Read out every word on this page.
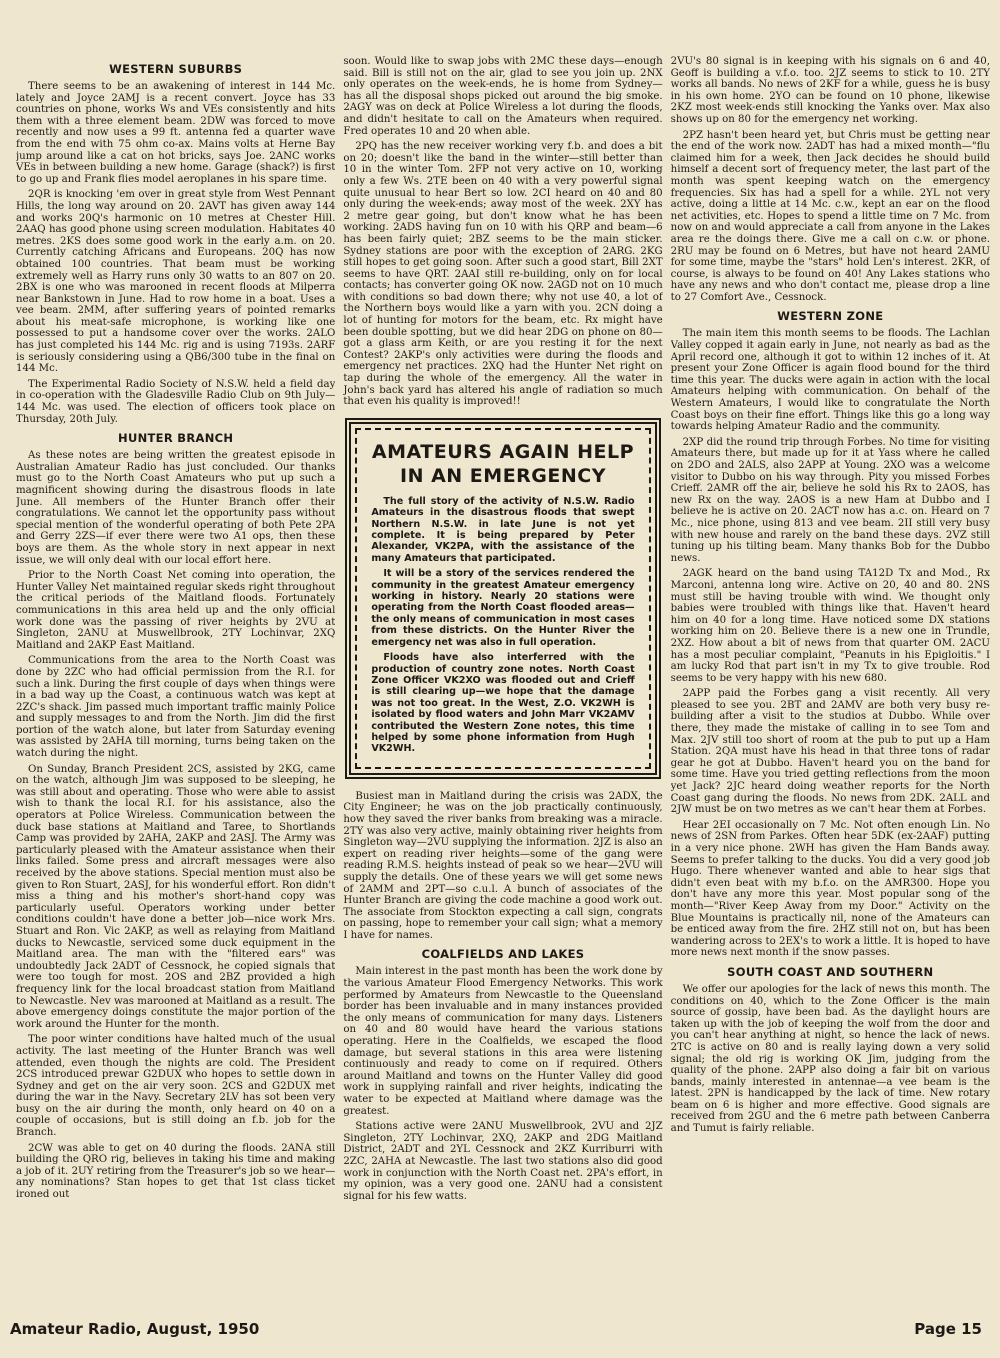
WESTERN SUBURBS

There seems to be an awakening of interest in 144 Mc. lately and Joyce 2AMJ is a recent convert. Joyce has 33 countries on phone, works Ws and VEs consistently and hits them with a three element beam. 2DW was forced to move recently and now uses a 99 ft. antenna fed a quarter wave from the end with 75 ohm co-ax. Mains volts at Herne Bay jump around like a cat on hot bricks, says Joe. 2ANC works VEs in between building a new home. Garage (shack?) is first to go up and Frank flies model aeroplanes in his spare time.

2QR is knocking 'em over in great style from West Pennant Hills, the long way around on 20. 2AVT has given away 144 and works 20Q's harmonic on 10 metres at Chester Hill. 2AAQ has good phone using screen modulation. Habitates 40 metres. 2KS does some good work in the early a.m. on 20. Currently catching Africans and Europeans. 20Q has now obtained 100 countries. That beam must be working extremely well as Harry runs only 30 watts to an 807 on 20. 2BX is one who was marooned in recent floods at Milperra near Bankstown in June. Had to row home in a boat. Uses a vee beam. 2MM, after suffering years of pointed remarks about his meat-safe microphone, is working like one possessed to put a handsome cover over the works. 2ALO has just completed his 144 Mc. rig and is using 7193s. 2ARF is seriously considering using a QB6/300 tube in the final on 144 Mc.

The Experimental Radio Society of N.S.W. held a field day in co-operation with the Gladesville Radio Club on 9th July—144 Mc. was used. The election of officers took place on Thursday, 20th July.

HUNTER BRANCH

As these notes are being written the greatest episode in Australian Amateur Radio has just concluded. Our thanks must go to the North Coast Amateurs who put up such a magnificent showing during the disastrous floods in late June. All members of the Hunter Branch offer their congratulations. We cannot let the opportunity pass without special mention of the wonderful operating of both Pete 2PA and Gerry 2ZS—if ever there were two A1 ops, then these boys are them. As the whole story in next appear in next issue, we will only deal with our local effort here.

Prior to the North Coast Net coming into operation, the Hunter Valley Net maintained regular skeds right throughout the critical periods of the Maitland floods. Fortunately communications in this area held up and the only official work done was the passing of river heights by 2VU at Singleton, 2ANU at Muswellbrook, 2TY Lochinvar, 2XQ Maitland and 2AKP East Maitland.

Communications from the area to the North Coast was done by 2ZC who had official permission from the R.I. for such a link. During the first couple of days when things were in a bad way up the Coast, a continuous watch was kept at 2ZC's shack. Jim passed much important traffic mainly Police and supply messages to and from the North. Jim did the first portion of the watch alone, but later from Saturday evening was assisted by 2AHA till morning, turns being taken on the watch during the night.

On Sunday, Branch President 2CS, assisted by 2KG, came on the watch, although Jim was supposed to be sleeping, he was still about and operating. Those who were able to assist wish to thank the local R.I. for his assistance, also the operators at Police Wireless. Communication between the duck base stations at Maitland and Taree, to Shortlands Camp was provided by 2AHA, 2AKP and 2ASJ. The Army was particularly pleased with the Amateur assistance when their links failed. Some press and aircraft messages were also received by the above stations. Special mention must also be given to Ron Stuart, 2ASJ, for his wonderful effort. Ron didn't miss a thing and his mother's short-hand copy was particularly useful. Operators working under better conditions couldn't have done a better job—nice work Mrs. Stuart and Ron. Vic 2AKP, as well as relaying from Maitland ducks to Newcastle, serviced some duck equipment in the Maitland area. The man with the "filtered ears" was undoubtedly Jack 2ADT of Cessnock, he copied signals that were too tough for most. 2OS and 2BZ provided a high frequency link for the local broadcast station from Maitland to Newcastle. Nev was marooned at Maitland as a result. The above emergency doings constitute the major portion of the work around the Hunter for the month.

The poor winter conditions have halted much of the usual activity. The last meeting of the Hunter Branch was well attended, even though the nights are cold. The President 2CS introduced prewar G2DUX who hopes to settle down in Sydney and get on the air very soon. 2CS and G2DUX met during the war in the Navy. Secretary 2LV has sot been very busy on the air during the month, only heard on 40 on a couple of occasions, but is still doing an f.b. job for the Branch.

2CW was able to get on 40 during the floods. 2ANA still building the QRO rig, believes in taking his time and making a job of it. 2UY retiring from the Treasurer's job so we hear—any nominations? Stan hopes to get that 1st class ticket ironed out

soon. Would like to swap jobs with 2MC these days—enough said. Bill is still not on the air, glad to see you join up. 2NX only operates on the week-ends, he is home from Sydney—has all the disposal shops picked out around the big smoke. 2AGY was on deck at Police Wireless a lot during the floods, and didn't hesitate to call on the Amateurs when required. Fred operates 10 and 20 when able.

2PQ has the new receiver working very f.b. and does a bit on 20; doesn't like the band in the winter—still better than 10 in the winter Tom. 2FP not very active on 10, working only a few Ws. 2TE been on 40 with a very powerful signal quite unusual to hear Bert so low. 2CI heard on 40 and 80 only during the week-ends; away most of the week. 2XY has 2 metre gear going, but don't know what he has been working. 2ADS having fun on 10 with his QRP and beam—6 has been fairly quiet; 2BZ seems to be the main sticker. Sydney stations are poor with the exception of 2ARG. 2KG still hopes to get going soon. After such a good start, Bill 2XT seems to have QRT. 2AAI still re-building, only on for local contacts; has converter going OK now. 2AGD not on 10 much with conditions so bad down there; why not use 40, a lot of the Northern boys would like a yarn with you. 2CN doing a lot of hunting for motors for the beam, etc. Rx might have been double spotting, but we did hear 2DG on phone on 80—got a glass arm Keith, or are you resting it for the next Contest? 2AKP's only activities were during the floods and emergency net practices. 2XQ had the Hunter Net right on tap during the whole of the emergency. All the water in John's back yard has altered his angle of radiation so much that even his quality is improved!!

AMATEURS AGAIN HELP
IN AN EMERGENCY

The full story of the activity of N.S.W. Radio Amateurs in the disastrous floods that swept Northern N.S.W. in late June is not yet complete. It is being prepared by Peter Alexander, VK2PA, with the assistance of the many Amateurs that participated.

It will be a story of the services rendered the community in the greatest Amateur emergency working in history. Nearly 20 stations were operating from the North Coast flooded areas—the only means of communication in most cases from these districts. On the Hunter River the emergency net was also in full operation.

Floods have also interferred with the production of country zone notes. North Coast Zone Officer VK2XO was flooded out and Crieff is still clearing up—we hope that the damage was not too great. In the West, Z.O. VK2WH is isolated by flood waters and John Marr VK2AMV contributed the Western Zone notes, this time helped by some phone information from Hugh VK2WH.

Busiest man in Maitland during the crisis was 2ADX, the City Engineer; he was on the job practically continuously, how they saved the river banks from breaking was a miracle. 2TY was also very active, mainly obtaining river heights from Singleton way—2VU supplying the information. 2JZ is also an expert on reading river heights—some of the gang were reading R.M.S. heights instead of peak so we hear—2VU will supply the details. One of these years we will get some news of 2AMM and 2PT—so c.u.l. A bunch of associates of the Hunter Branch are giving the code machine a good work out. The associate from Stockton expecting a call sign, congrats on passing, hope to remember your call sign; what a memory I have for names.

COALFIELDS AND LAKES

Main interest in the past month has been the work done by the various Amateur Flood Emergency Networks. This work performed by Amateurs from Newcastle to the Queensland border has been invaluable and in many instances provided the only means of communication for many days. Listeners on 40 and 80 would have heard the various stations operating. Here in the Coalfields, we escaped the flood damage, but several stations in this area were listening continuously and ready to come on if required. Others around Maitland and towns on the Hunter Valley did good work in supplying rainfall and river heights, indicating the water to be expected at Maitland where damage was the greatest.

Stations active were 2ANU Muswellbrook, 2VU and 2JZ Singleton, 2TY Lochinvar, 2XQ, 2AKP and 2DG Maitland District, 2ADT and 2YL Cessnock and 2KZ Kurriburri with 2ZC, 2AHA at Newcastle. The last two stations also did good work in conjunction with the North Coast net. 2PA's effort, in my opinion, was a very good one. 2ANU had a consistent signal for his few watts.

2VU's 80 signal is in keeping with his signals on 6 and 40, Geoff is building a v.f.o. too. 2JZ seems to stick to 10. 2TY works all bands. No news of 2KF for a while, guess he is busy in his own home. 2YO can be found on 10 phone, likewise 2KZ most week-ends still knocking the Yanks over. Max also shows up on 80 for the emergency net working.

2PZ hasn't been heard yet, but Chris must be getting near the end of the work now. 2ADT has had a mixed month—"flu claimed him for a week, then Jack decides he should build himself a decent sort of frequency meter, the last part of the month was spent keeping watch on the emergency frequencies. Six has had a spell for a while. 2YL not very active, doing a little at 14 Mc. c.w., kept an ear on the flood net activities, etc. Hopes to spend a little time on 7 Mc. from now on and would appreciate a call from anyone in the Lakes area re the doings there. Give me a call on c.w. or phone. 2RU may be found on 6 Metres, but have not heard 2AMU for some time, maybe the "stars" hold Len's interest. 2KR, of course, is always to be found on 40! Any Lakes stations who have any news and who don't contact me, please drop a line to 27 Comfort Ave., Cessnock.

WESTERN ZONE

The main item this month seems to be floods. The Lachlan Valley copped it again early in June, not nearly as bad as the April record one, although it got to within 12 inches of it. At present your Zone Officer is again flood bound for the third time this year. The ducks were again in action with the local Amateurs helping with communication. On behalf of the Western Amateurs, I would like to congratulate the North Coast boys on their fine effort. Things like this go a long way towards helping Amateur Radio and the community.

2XP did the round trip through Forbes. No time for visiting Amateurs there, but made up for it at Yass where he called on 2DO and 2ALS, also 2APP at Young. 2XO was a welcome visitor to Dubbo on his way through. Pity you missed Forbes Crieff. 2AMR off the air, believe he sold his Rx to 2AOS, has new Rx on the way. 2AOS is a new Ham at Dubbo and I believe he is active on 20. 2ACT now has a.c. on. Heard on 7 Mc., nice phone, using 813 and vee beam. 2II still very busy with new house and rarely on the band these days. 2VZ still tuning up his tilting beam. Many thanks Bob for the Dubbo news.

2AGK heard on the band using TA12D Tx and Mod., Rx Marconi, antenna long wire. Active on 20, 40 and 80. 2NS must still be having trouble with wind. We thought only babies were troubled with things like that. Haven't heard him on 40 for a long time. Have noticed some DX stations working him on 20. Believe there is a new one in Trundle, 2XZ. How about a bit of news from that quarter OM. 2ACU has a most peculiar complaint, "Peanuts in his Epigloitis." I am lucky Rod that part isn't in my Tx to give trouble. Rod seems to be very happy with his new 680.

2APP paid the Forbes gang a visit recently. All very pleased to see you. 2BT and 2AMV are both very busy re-building after a visit to the studios at Dubbo. While over there, they made the mistake of calling in to see Tom and Max. 2JV still too short of room at the pub to put up a Ham Station. 2QA must have his head in that three tons of radar gear he got at Dubbo. Haven't heard you on the band for some time. Have you tried getting reflections from the moon yet Jack? 2JC heard doing weather reports for the North Coast gang during the floods. No news from 2DK. 2ALL and 2JW must be on two metres as we can't hear them at Forbes.

Hear 2EI occasionally on 7 Mc. Not often enough Lin. No news of 2SN from Parkes. Often hear 5DK (ex-2AAF) putting in a very nice phone. 2WH has given the Ham Bands away. Seems to prefer talking to the ducks. You did a very good job Hugo. There whenever wanted and able to hear sigs that didn't even beat with my b.f.o. on the AMR300. Hope you don't have any more this year. Most popular song of the month—"River Keep Away from my Door." Activity on the Blue Mountains is practically nil, none of the Amateurs can be enticed away from the fire. 2HZ still not on, but has been wandering across to 2EX's to work a little. It is hoped to have more news next month if the snow passes.

SOUTH COAST AND SOUTHERN

We offer our apologies for the lack of news this month. The conditions on 40, which to the Zone Officer is the main source of gossip, have been bad. As the daylight hours are taken up with the job of keeping the wolf from the door and you can't hear anything at night, so hence the lack of news. 2TC is active on 80 and is really laying down a very solid signal; the old rig is working OK Jim, judging from the quality of the phone. 2APP also doing a fair bit on various bands, mainly interested in antennae—a vee beam is the latest. 2PN is handicapped by the lack of time. New rotary beam on 6 is higher and more effective. Good signals are received from 2GU and the 6 metre path between Canberra and Tumut is fairly reliable.

Amateur Radio, August, 1950	Page 15
